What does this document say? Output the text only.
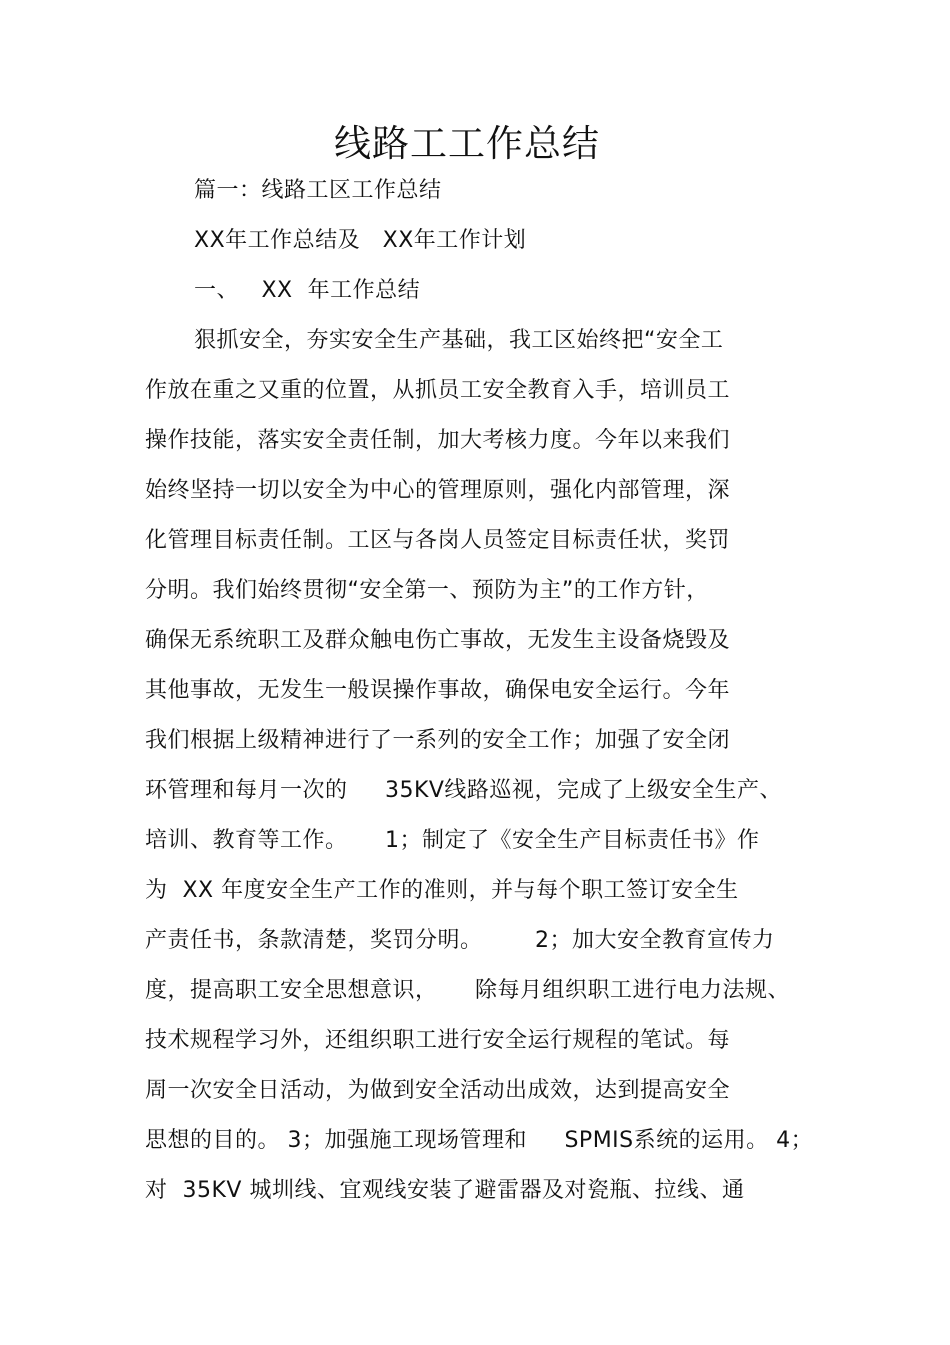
线路工工作总结

篇一：线路工区工作总结

XX年工作总结及   XX年工作计划

一、   XX  年工作总结

狠抓安全，夯实安全生产基础，我工区始终把“安全工

作放在重之又重的位置，从抓员工安全教育入手，培训员工

操作技能，落实安全责任制，加大考核力度。今年以来我们

始终坚持一切以安全为中心的管理原则，强化内部管理，深

化管理目标责任制。工区与各岗人员签定目标责任状，奖罚

分明。我们始终贯彻“安全第一、预防为主”的工作方针，

确保无系统职工及群众触电伤亡事故，无发生主设备烧毁及

其他事故，无发生一般误操作事故，确保电安全运行。今年

我们根据上级精神进行了一系列的安全工作；加强了安全闭

环管理和每月一次的     35KV线路巡视，完成了上级安全生产、

培训、教育等工作。     1；制定了《安全生产目标责任书》作

为  XX 年度安全生产工作的准则，并与每个职工签订安全生

产责任书，条款清楚，奖罚分明。       2；加大安全教育宣传力

度，提高职工安全思想意识，     除每月组织职工进行电力法规、

技术规程学习外，还组织职工进行安全运行规程的笔试。每

周一次安全日活动，为做到安全活动出成效，达到提高安全

思想的目的。 3；加强施工现场管理和     SPMIS系统的运用。 4；

对  35KV 城圳线、宜观线安装了避雷器及对瓷瓶、拉线、通
